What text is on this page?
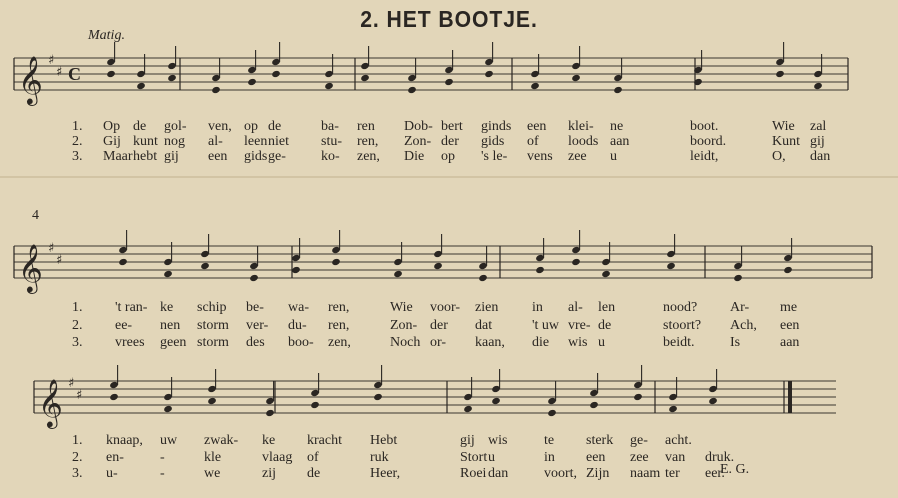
2. HET BOOTJE.
Matig.
4
𝄞 ♯
♯ C
𝄞 ♯
♯
𝄞 ♯
♯
1. Op de gol- ven, op de	ba- ren Dob- bert ginds een klei- ne	boot.	Wie zal
2. Gij kunt nog al- leen niet stu- ren, Zon- der gids of loods aan	boord.	Kunt gij
3. Maar hebt gij een gids ge-	ko- zen, Die op 's le- vens zee u	leidt,	O, dan
1. 't ran- ke schip be- wa- ren,	Wie voor- zien in al- len	nood? Ar- me
2. ee- nen storm ver- du- ren,	Zon- der dat	't uw vre- de	stoort? Ach, een
3. vrees geen storm des boo- zen,	Noch or- kaan, die wis u	beidt.	Is	aan
1. knaap, uw zwak- ke kracht Hebt	gij wis	te sterk ge- acht.
2. en-	-	kle	vlaag of	ruk	Stort u	in een zee van druk.
3. u-	-	we	zij de	Heer,	Roei dan	voort, Zijn naam ter eer.
E. G.
